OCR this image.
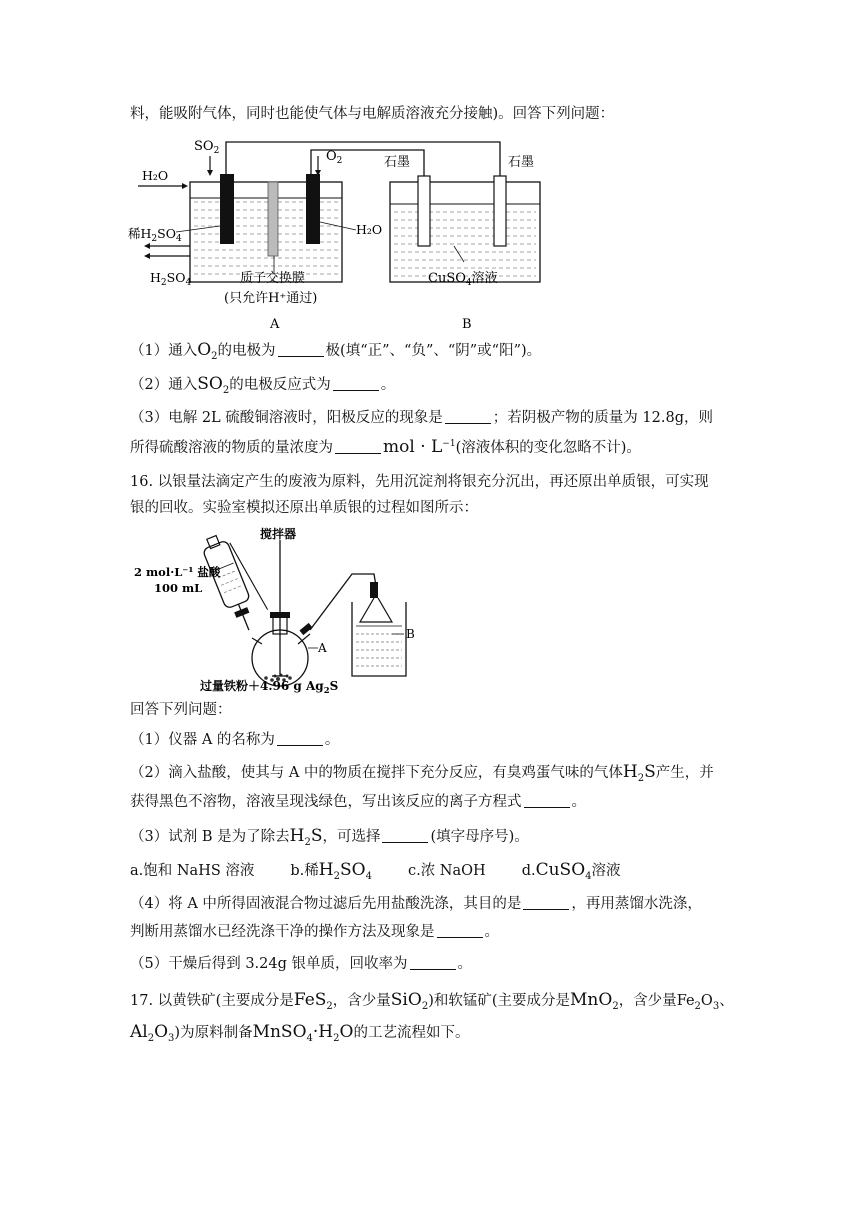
料，能吸附气体，同时也能使气体与电解质溶液充分接触)。回答下列问题：
$SO_2$	$O_2$
H₂O
稀$H_2SO_4$
H₂O
$H_2SO_4$	质子交换膜
(只允许H⁺通过)
石墨	石墨
CuSO$_4$溶液
A	B
（1）通入$O_2$的电极为	极(填“正”、“负”、“阴”或“阳”)。
（2）通入$SO_2$的电极反应式为	。
（3）电解 2L 硫酸铜溶液时，阳极反应的现象是	；若阴极产物的质量为 12.8g，则
所得硫酸溶液的物质的量浓度为	mol · $L^{-1}$(溶液体积的变化忽略不计)。
16. 以银量法滴定产生的废液为原料，先用沉淀剂将银充分沉出，再还原出单质银，可实现
银的回收。实验室模拟还原出单质银的过程如图所示：
搅拌器
2 mol·L⁻¹ 盐酸
100 mL
A
B
过量铁粉＋4.96 g $Ag_2S$
回答下列问题：
（1）仪器 A 的名称为	。
（2）滴入盐酸，使其与 A 中的物质在搅拌下充分反应，有臭鸡蛋气味的气体$H_2S$产生，并
获得黑色不溶物，溶液呈现浅绿色，写出该反应的离子方程式	。
（3）试剂 B 是为了除去$H_2S$，可选择	(填字母序号)。
a.饱和 NaHS 溶液 b.稀$H_2SO_4$ c.浓 NaOH d.CuSO$_4$溶液
（4）将 A 中所得固液混合物过滤后先用盐酸洗涤，其目的是	，再用蒸馏水洗涤，
判断用蒸馏水已经洗涤干净的操作方法及现象是	。
（5）干燥后得到 3.24g 银单质，回收率为	。
17. 以黄铁矿(主要成分是FeS$_2$，含少量SiO$_2$)和软锰矿(主要成分是MnO$_2$，含少量$Fe_2O_3$、
$Al_2O_3$)为原料制备$MnSO_4\cdot H_2O$的工艺流程如下。
